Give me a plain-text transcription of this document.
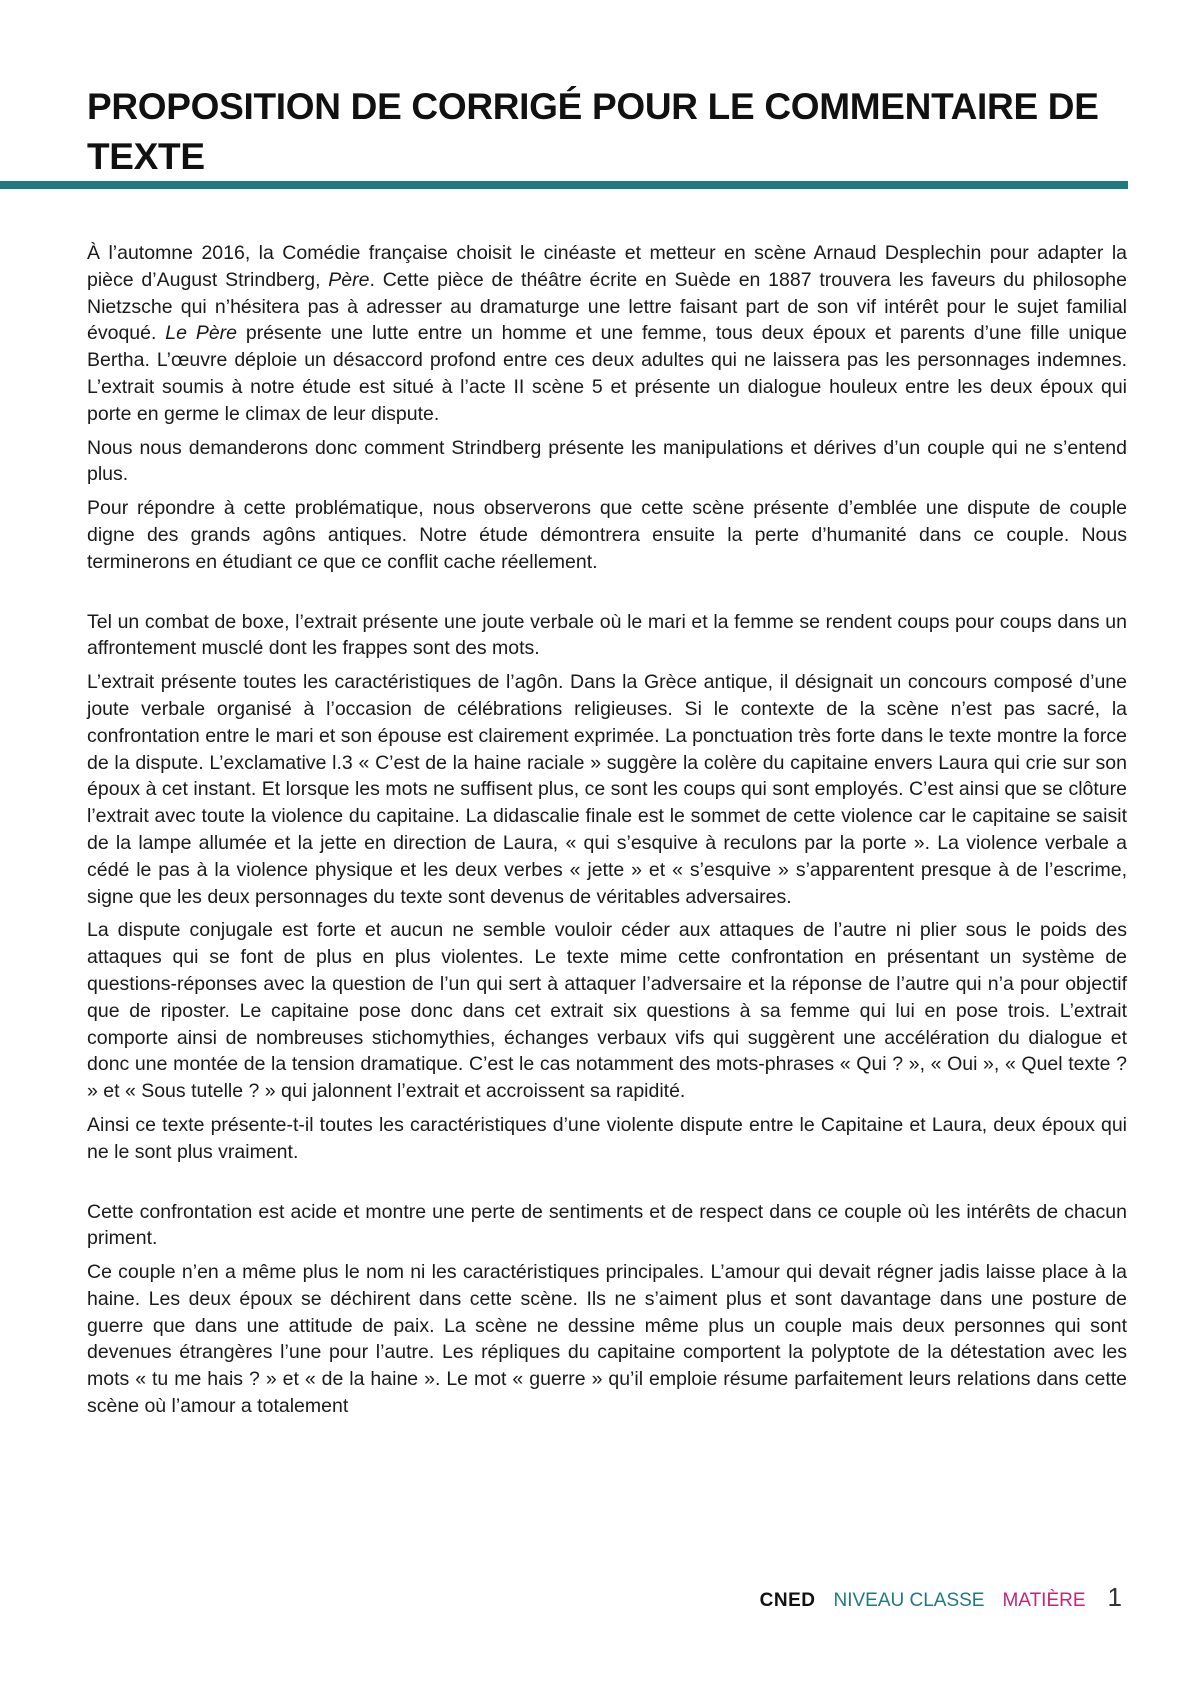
PROPOSITION DE CORRIGÉ POUR LE COMMENTAIRE DE TEXTE

À l’automne 2016, la Comédie française choisit le cinéaste et metteur en scène Arnaud Desplechin pour adapter la pièce d’August Strindberg, Père. Cette pièce de théâtre écrite en Suède en 1887 trouvera les faveurs du philosophe Nietzsche qui n’hésitera pas à adresser au dramaturge une lettre faisant part de son vif intérêt pour le sujet familial évoqué. Le Père présente une lutte entre un homme et une femme, tous deux époux et parents d’une fille unique Bertha. L’œuvre déploie un désaccord profond entre ces deux adultes qui ne laissera pas les personnages indemnes. L’extrait soumis à notre étude est situé à l’acte II scène 5 et présente un dialogue houleux entre les deux époux qui porte en germe le climax de leur dispute.

Nous nous demanderons donc comment Strindberg présente les manipulations et dérives d’un couple qui ne s’entend plus.

Pour répondre à cette problématique, nous observerons que cette scène présente d’emblée une dispute de couple digne des grands agôns antiques. Notre étude démontrera ensuite la perte d’humanité dans ce couple. Nous terminerons en étudiant ce que ce conflit cache réellement.

Tel un combat de boxe, l’extrait présente une joute verbale où le mari et la femme se rendent coups pour coups dans un affrontement musclé dont les frappes sont des mots.

L’extrait présente toutes les caractéristiques de l’agôn. Dans la Grèce antique, il désignait un concours composé d’une joute verbale organisé à l’occasion de célébrations religieuses. Si le contexte de la scène n’est pas sacré, la confrontation entre le mari et son épouse est clairement exprimée. La ponctuation très forte dans le texte montre la force de la dispute. L’exclamative l.3 « C’est de la haine raciale » suggère la colère du capitaine envers Laura qui crie sur son époux à cet instant. Et lorsque les mots ne suffisent plus, ce sont les coups qui sont employés. C’est ainsi que se clôture l’extrait avec toute la violence du capitaine. La didascalie finale est le sommet de cette violence car le capitaine se saisit de la lampe allumée et la jette en direction de Laura, « qui s’esquive à reculons par la porte ». La violence verbale a cédé le pas à la violence physique et les deux verbes « jette » et « s’esquive » s’apparentent presque à de l’escrime, signe que les deux personnages du texte sont devenus de véritables adversaires.

La dispute conjugale est forte et aucun ne semble vouloir céder aux attaques de l’autre ni plier sous le poids des attaques qui se font de plus en plus violentes. Le texte mime cette confrontation en présentant un système de questions-réponses avec la question de l’un qui sert à attaquer l’adversaire et la réponse de l’autre qui n’a pour objectif que de riposter. Le capitaine pose donc dans cet extrait six questions à sa femme qui lui en pose trois. L’extrait comporte ainsi de nombreuses stichomythies, échanges verbaux vifs qui suggèrent une accélération du dialogue et donc une montée de la tension dramatique. C’est le cas notamment des mots-phrases « Qui ? », « Oui », « Quel texte ? » et « Sous tutelle ? » qui jalonnent l’extrait et accroissent sa rapidité.

Ainsi ce texte présente-t-il toutes les caractéristiques d’une violente dispute entre le Capitaine et Laura, deux époux qui ne le sont plus vraiment.

Cette confrontation est acide et montre une perte de sentiments et de respect dans ce couple où les intérêts de chacun priment.

Ce couple n’en a même plus le nom ni les caractéristiques principales. L’amour qui devait régner jadis laisse place à la haine. Les deux époux se déchirent dans cette scène. Ils ne s’aiment plus et sont davantage dans une posture de guerre que dans une attitude de paix. La scène ne dessine même plus un couple mais deux personnes qui sont devenues étrangères l’une pour l’autre. Les répliques du capitaine comportent la polyptote de la détestation avec les mots « tu me hais ? » et « de la haine ». Le mot « guerre » qu’il emploie résume parfaitement leurs relations dans cette scène où l’amour a totalement

CNED NIVEAU CLASSE MATIÈRE 1
